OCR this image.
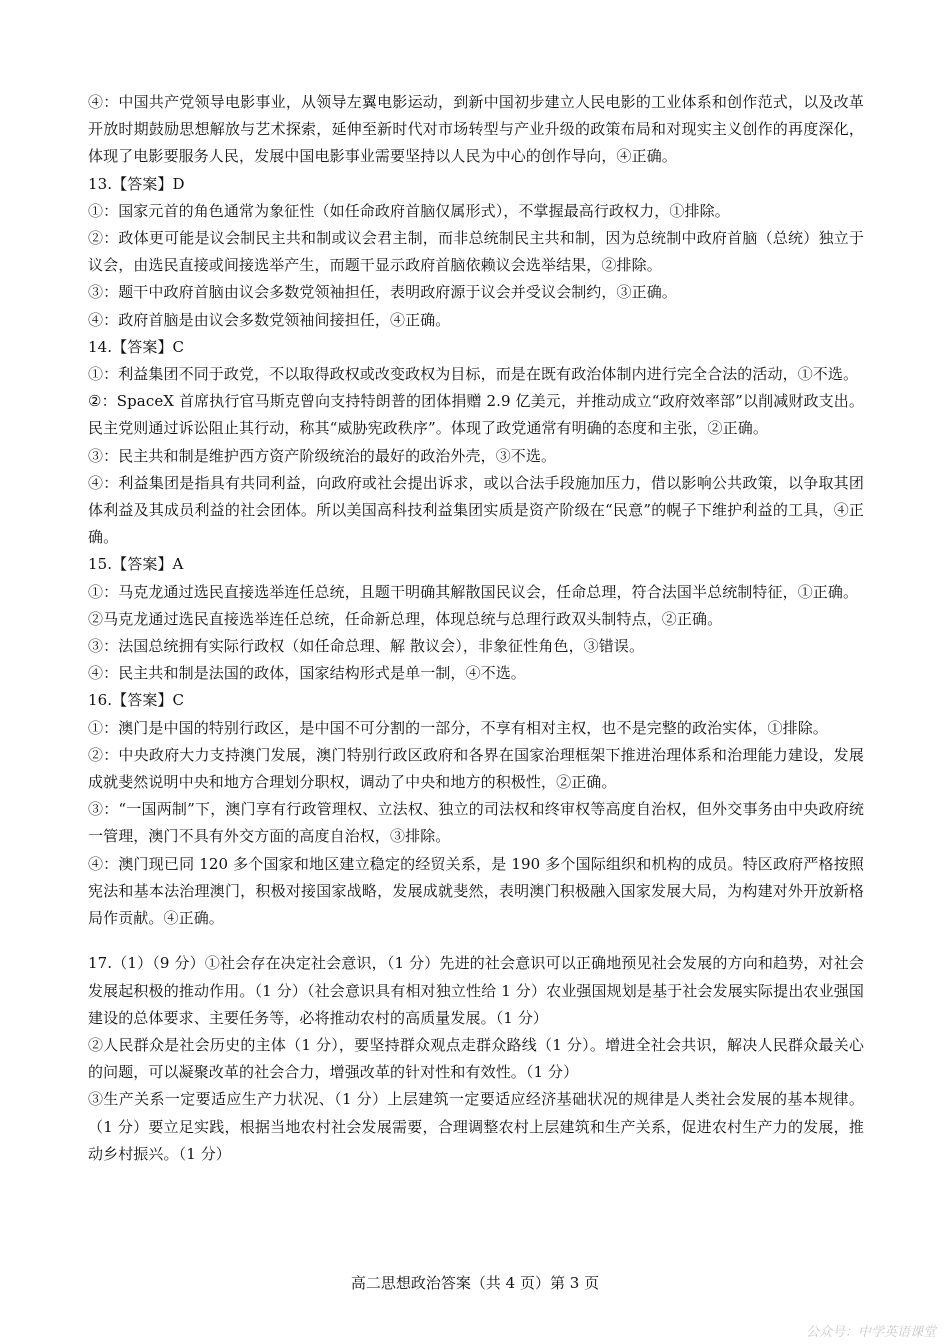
④：中国共产党领导电影事业，从领导左翼电影运动，到新中国初步建立人民电影的工业体系和创作范式，以及改革开放时期鼓励思想解放与艺术探索，延伸至新时代对市场转型与产业升级的政策布局和对现实主义创作的再度深化，体现了电影要服务人民，发展中国电影事业需要坚持以人民为中心的创作导向，④正确。

13.【答案】D

①：国家元首的角色通常为象征性（如任命政府首脑仅属形式），不掌握最高行政权力，①排除。

②：政体更可能是议会制民主共和制或议会君主制，而非总统制民主共和制，因为总统制中政府首脑（总统）独立于议会，由选民直接或间接选举产生，而题干显示政府首脑依赖议会选举结果，②排除。

③：题干中政府首脑由议会多数党领袖担任，表明政府源于议会并受议会制约，③正确。

④：政府首脑是由议会多数党领袖间接担任，④正确。

14.【答案】C

①：利益集团不同于政党，不以取得政权或改变政权为目标，而是在既有政治体制内进行完全合法的活动，①不选。

②：SpaceX 首席执行官马斯克曾向支持特朗普的团体捐赠 2.9 亿美元，并推动成立“政府效率部”以削减财政支出。民主党则通过诉讼阻止其行动，称其“威胁宪政秩序”。体现了政党通常有明确的态度和主张，②正确。

③：民主共和制是维护西方资产阶级统治的最好的政治外壳，③不选。

④：利益集团是指具有共同利益，向政府或社会提出诉求，或以合法手段施加压力，借以影响公共政策，以争取其团体利益及其成员利益的社会团体。所以美国高科技利益集团实质是资产阶级在“民意”的幌子下维护利益的工具，④正确。

15.【答案】A

①：马克龙通过选民直接选举连任总统，且题干明确其解散国民议会，任命总理，符合法国半总统制特征，①正确。

②马克龙通过选民直接选举连任总统，任命新总理，体现总统与总理行政双头制特点，②正确。

③：法国总统拥有实际行政权（如任命总理、解 散议会），非象征性角色，③错误。

④：民主共和制是法国的政体，国家结构形式是单一制，④不选。

16.【答案】C

①：澳门是中国的特别行政区，是中国不可分割的一部分，不享有相对主权，也不是完整的政治实体，①排除。

②：中央政府大力支持澳门发展，澳门特别行政区政府和各界在国家治理框架下推进治理体系和治理能力建设，发展成就斐然说明中央和地方合理划分职权，调动了中央和地方的积极性，②正确。

③：“一国两制”下，澳门享有行政管理权、立法权、独立的司法权和终审权等高度自治权，但外交事务由中央政府统一管理，澳门不具有外交方面的高度自治权，③排除。

④：澳门现已同 120 多个国家和地区建立稳定的经贸关系，是 190 多个国际组织和机构的成员。特区政府严格按照宪法和基本法治理澳门，积极对接国家战略，发展成就斐然，表明澳门积极融入国家发展大局，为构建对外开放新格局作贡献。④正确。

17.（1）（9 分）①社会存在决定社会意识，（1 分）先进的社会意识可以正确地预见社会发展的方向和趋势，对社会发展起积极的推动作用。（1 分）（社会意识具有相对独立性给 1 分）农业强国规划是基于社会发展实际提出农业强国建设的总体要求、主要任务等，必将推动农村的高质量发展。（1 分）

②人民群众是社会历史的主体（1 分），要坚持群众观点走群众路线（1 分）。增进全社会共识，解决人民群众最关心的问题，可以凝聚改革的社会合力，增强改革的针对性和有效性。（1 分）

③生产关系一定要适应生产力状况、（1 分）上层建筑一定要适应经济基础状况的规律是人类社会发展的基本规律。（1 分）要立足实践，根据当地农村社会发展需要，合理调整农村上层建筑和生产关系，促进农村生产力的发展，推动乡村振兴。（1 分）

高二思想政治答案（共 4 页）第 3 页
公众号：中学英语课堂
